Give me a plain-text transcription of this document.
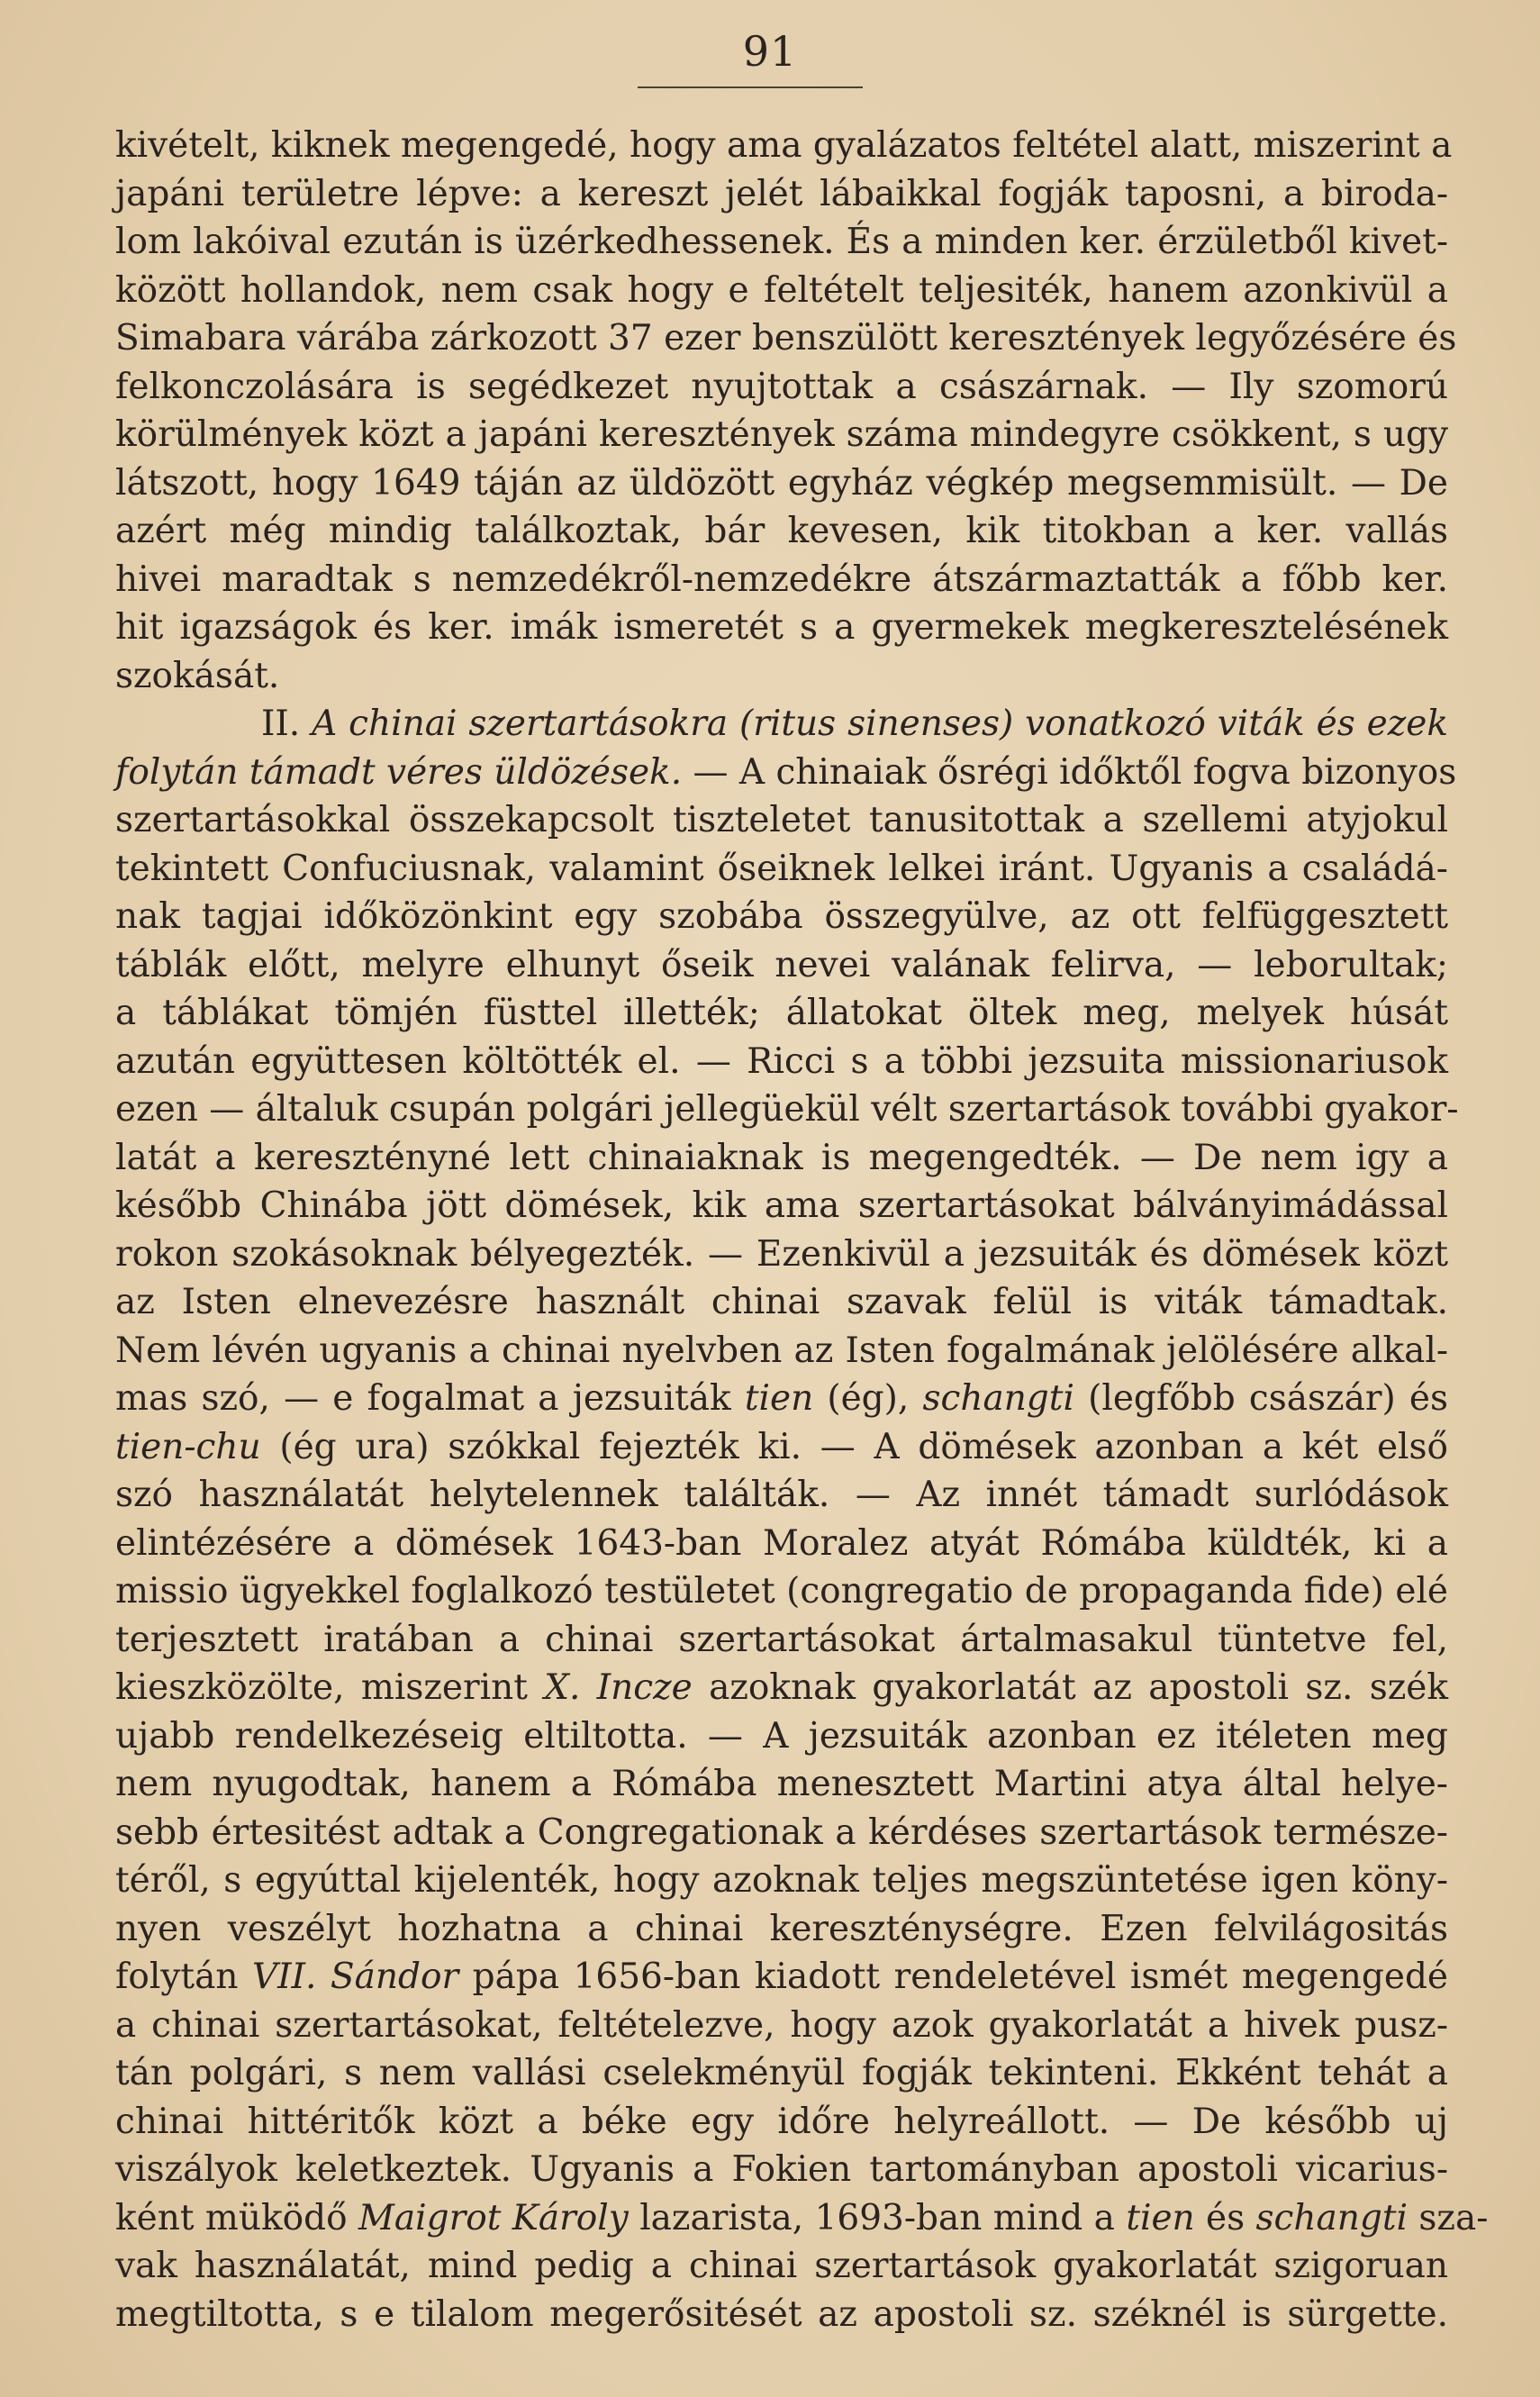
91
kivételt, kiknek megengedé, hogy ama gyalázatos feltétel alatt, miszerint a
japáni területre lépve: a kereszt jelét lábaikkal fogják taposni, a biroda-
lom lakóival ezután is üzérkedhessenek. És a minden ker. érzületből kivet-
között hollandok, nem csak hogy e feltételt teljesiték, hanem azonkivül a
Simabara várába zárkozott 37 ezer benszülött keresztények legyőzésére és
felkonczolására is segédkezet nyujtottak a császárnak. — Ily szomorú
körülmények közt a japáni keresztények száma mindegyre csökkent, s ugy
látszott, hogy 1649 táján az üldözött egyház végkép megsemmisült. — De
azért még mindig találkoztak, bár kevesen, kik titokban a ker. vallás
hivei maradtak s nemzedékről-nemzedékre átszármaztatták a főbb ker.
hit igazságok és ker. imák ismeretét s a gyermekek megkeresztelésének
szokását.
II. A chinai szertartásokra (ritus sinenses) vonatkozó viták és ezek
folytán támadt véres üldözések. — A chinaiak ősrégi időktől fogva bizonyos
szertartásokkal összekapcsolt tiszteletet tanusitottak a szellemi atyjokul
tekintett Confuciusnak, valamint őseiknek lelkei iránt. Ugyanis a családá-
nak tagjai időközönkint egy szobába összegyülve, az ott felfüggesztett
táblák előtt, melyre elhunyt őseik nevei valának felirva, — leborultak;
a táblákat tömjén füsttel illették; állatokat öltek meg, melyek húsát
azután együttesen költötték el. — Ricci s a többi jezsuita missionariusok
ezen — általuk csupán polgári jellegüekül vélt szertartások további gyakor-
latát a keresztényné lett chinaiaknak is megengedték. — De nem igy a
később Chinába jött dömések, kik ama szertartásokat bálványimádással
rokon szokásoknak bélyegezték. — Ezenkivül a jezsuiták és dömések közt
az Isten elnevezésre használt chinai szavak felül is viták támadtak.
Nem lévén ugyanis a chinai nyelvben az Isten fogalmának jelölésére alkal-
mas szó, — e fogalmat a jezsuiták tien (ég), schangti (legfőbb császár) és
tien-chu (ég ura) szókkal fejezték ki. — A dömések azonban a két első
szó használatát helytelennek találták. — Az innét támadt surlódások
elintézésére a dömések 1643-ban Moralez atyát Rómába küldték, ki a
missio ügyekkel foglalkozó testületet (congregatio de propaganda fide) elé
terjesztett iratában a chinai szertartásokat ártalmasakul tüntetve fel,
kieszközölte, miszerint X. Incze azoknak gyakorlatát az apostoli sz. szék
ujabb rendelkezéseig eltiltotta. — A jezsuiták azonban ez itéleten meg
nem nyugodtak, hanem a Rómába menesztett Martini atya által helye-
sebb értesitést adtak a Congregationak a kérdéses szertartások természe-
téről, s egyúttal kijelenték, hogy azoknak teljes megszüntetése igen köny-
nyen veszélyt hozhatna a chinai kereszténységre. Ezen felvilágositás
folytán VII. Sándor pápa 1656-ban kiadott rendeletével ismét megengedé
a chinai szertartásokat, feltételezve, hogy azok gyakorlatát a hivek pusz-
tán polgári, s nem vallási cselekményül fogják tekinteni. Ekként tehát a
chinai hittéritők közt a béke egy időre helyreállott. — De később uj
viszályok keletkeztek. Ugyanis a Fokien tartományban apostoli vicarius-
ként müködő Maigrot Károly lazarista, 1693-ban mind a tien és schangti sza-
vak használatát, mind pedig a chinai szertartások gyakorlatát szigoruan
megtiltotta, s e tilalom megerősitését az apostoli sz. széknél is sürgette.
